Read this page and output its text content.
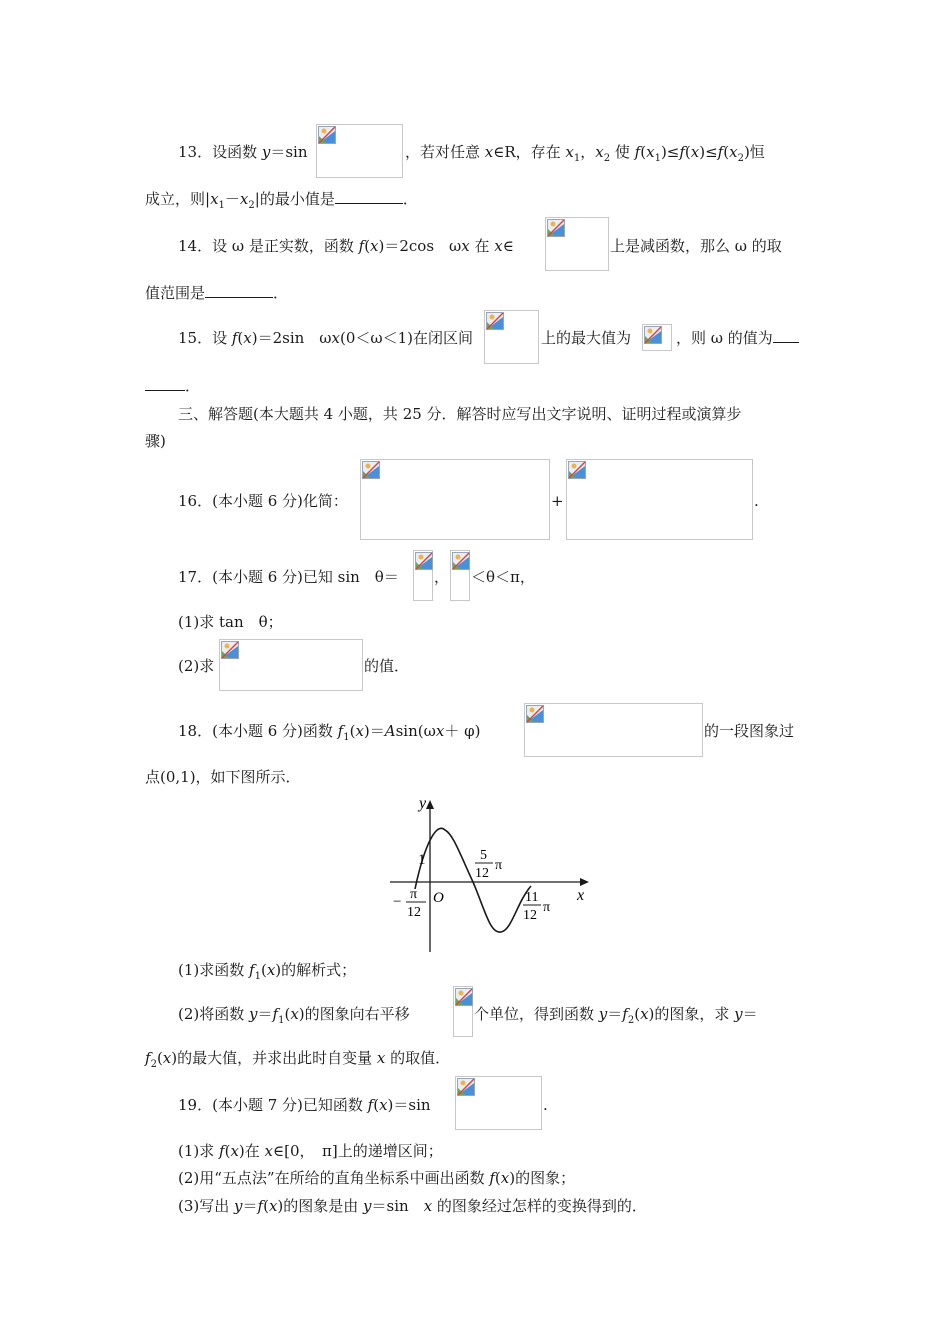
13．设函数 y＝sin	，若对任意 x∈R，存在 $x_1$，$x_2$ 使 $f(x_1)\le f(x)\le f(x_2)$恒
成立，则$|x_1-x_2|$的最小值是	．
14．设 ω 是正实数，函数 f(x)＝2cos　ωx 在 x∈	上是减函数，那么 ω 的取
值范围是	．
15．设 f(x)＝2sin　ωx(0＜ω＜1)在闭区间	上的最大值为	，则 ω 的值为
．
三、解答题(本大题共 4 小题，共 25 分．解答时应写出文字说明、证明过程或演算步
骤)
16．(本小题 6 分)化简：	+	.
17．(本小题 6 分)已知 sin　θ＝ ， ＜θ＜π，
(1)求 tan　θ；
(2)求	的值．
18．(本小题 6 分)函数 $f_1(x)=Asin(\omega x+ \varphi)$	的一段图象过
点(0,1)，如下图所示．
y
x
1
O
− π
12
5
12
π
11
12
π
(1)求函数 $f_1(x)$的解析式；
(2)将函数 $y=f_1(x)$的图象向右平移	个单位，得到函数 $y=f_2(x)$的图象，求 y＝
$f_2(x)$的最大值，并求出此时自变量 x 的取值．
19．(本小题 7 分)已知函数 f(x)＝sin	.
(1)求 f(x)在 x∈[0，　π]上的递增区间；
(2)用“五点法”在所给的直角坐标系中画出函数 f(x)的图象；
(3)写出 y＝f(x)的图象是由 y＝sin　x 的图象经过怎样的变换得到的．
